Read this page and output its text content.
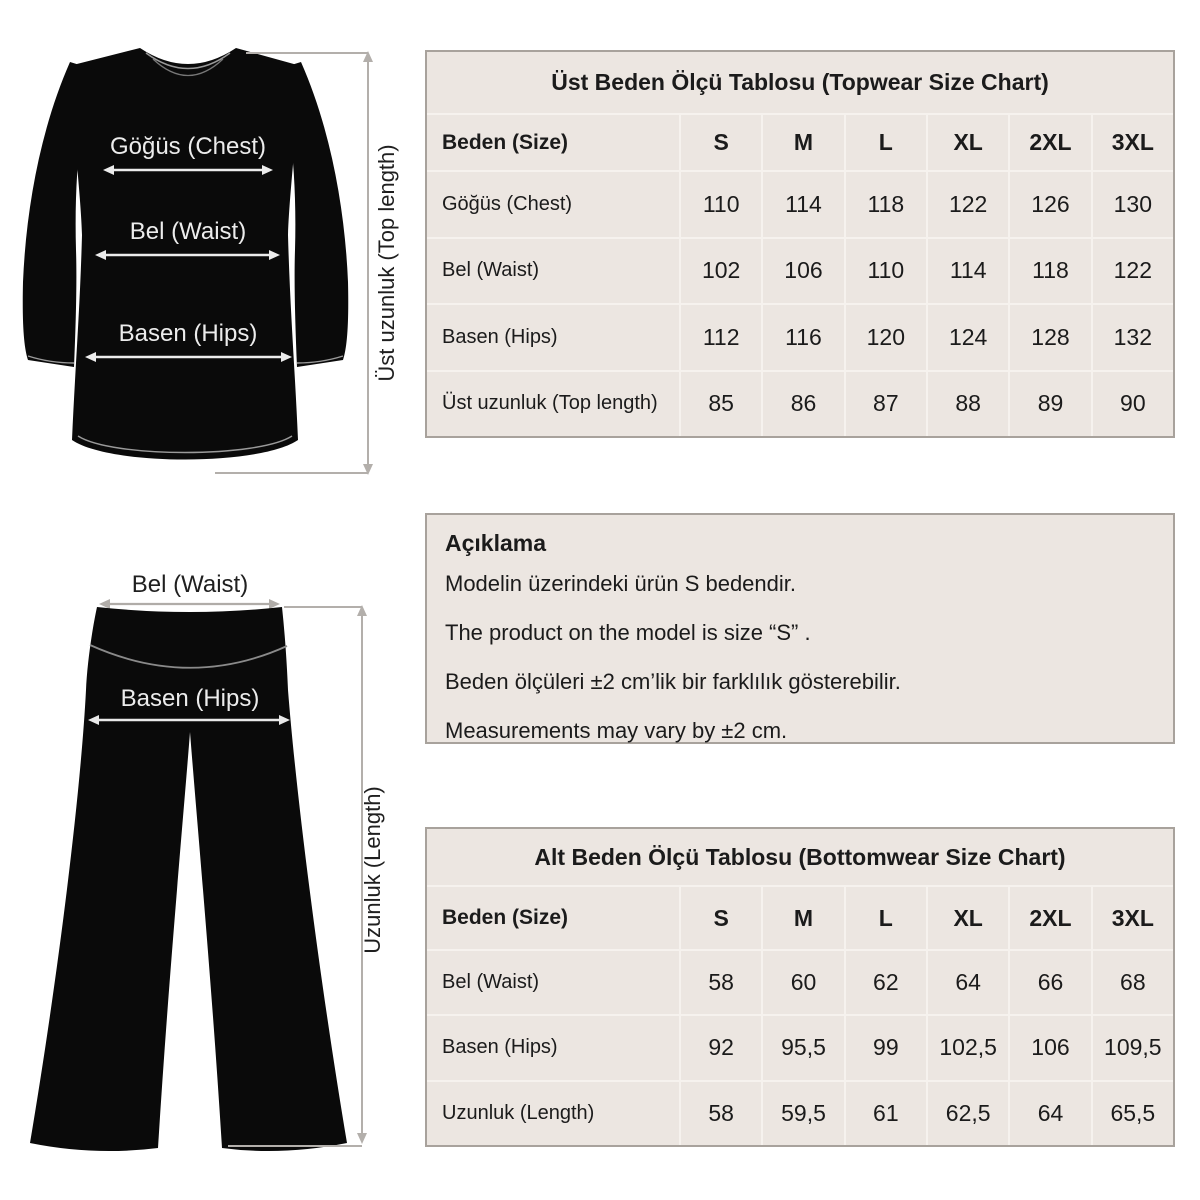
Göğüs (Chest)
Bel (Waist)
Basen (Hips)	Üst uzunluk (Top length)
Bel (Waist)
Basen (Hips)
Uzunluk (Length)
Üst Beden Ölçü Tablosu (Topwear Size Chart)
Beden (Size)	S	M	L	XL	2XL	3XL
Göğüs (Chest)	110	114	118	122	126	130
Bel (Waist)	102	106	110	114	118	122
Basen (Hips)	112	116	120	124	128	132
Üst uzunluk (Top length)	85	86	87	88	89	90

Açıklama

Modelin üzerindeki ürün S bedendir.

The product on the model is size “S” .

Beden ölçüleri ±2 cm’lik bir farklılık gösterebilir.

Measurements may vary by ±2 cm.

Alt Beden Ölçü Tablosu (Bottomwear Size Chart)
Beden (Size)	S	M	L	XL	2XL	3XL
Bel (Waist)	58	60	62	64	66	68
Basen (Hips)	92	95,5	99	102,5	106	109,5
Uzunluk (Length)	58	59,5	61	62,5	64	65,5
